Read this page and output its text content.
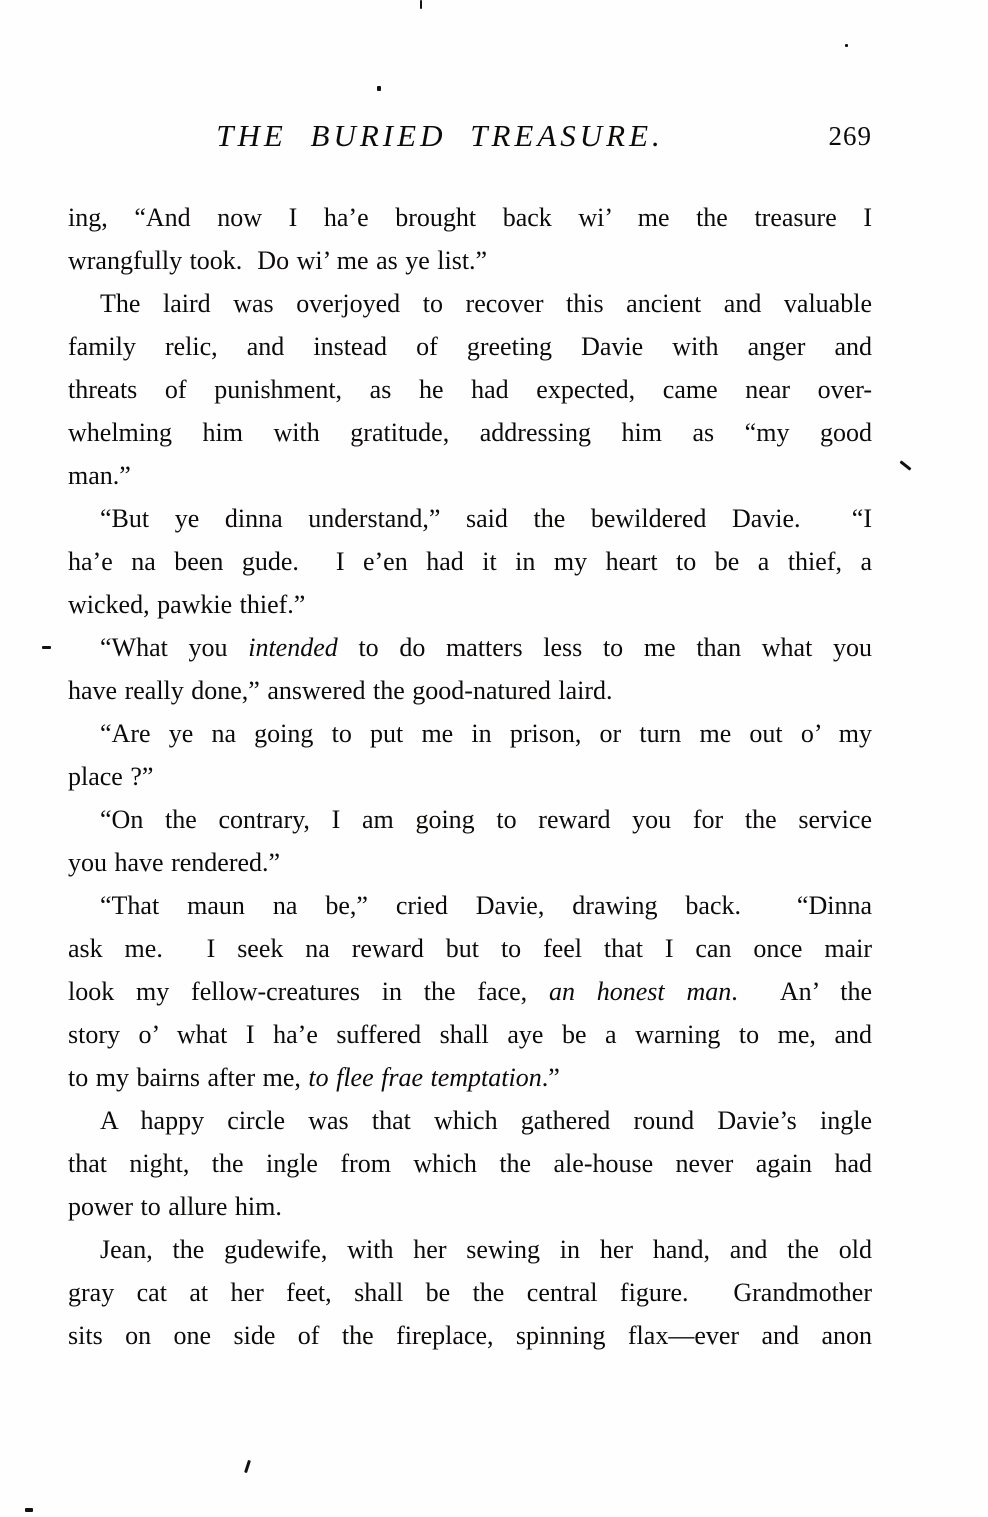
THE BURIED TREASURE.	269
ing, “And now I ha’e brought back wi’ me the treasure I
wrangfully took.  Do wi’ me as ye list.”
The laird was overjoyed to recover this ancient and valuable
family relic, and instead of greeting Davie with anger and
threats of punishment, as he had expected, came near over-
whelming him with gratitude, addressing him as “my good
man.”
“But ye dinna understand,” said the bewildered Davie.  “I
ha’e na been gude.  I e’en had it in my heart to be a thief, a
wicked, pawkie thief.”
“What you intended to do matters less to me than what you
have really done,” answered the good-natured laird.
“Are ye na going to put me in prison, or turn me out o’ my
place ?”
“On the contrary, I am going to reward you for the service
you have rendered.”
“That maun na be,” cried Davie, drawing back.  “Dinna
ask me.  I seek na reward but to feel that I can once mair
look my fellow-creatures in the face, an honest man.  An’ the
story o’ what I ha’e suffered shall aye be a warning to me, and
to my bairns after me, to flee frae temptation.”
A happy circle was that which gathered round Davie’s ingle
that night, the ingle from which the ale-house never again had
power to allure him.
Jean, the gudewife, with her sewing in her hand, and the old
gray cat at her feet, shall be the central figure.  Grandmother
sits on one side of the fireplace, spinning flax—ever and anon
